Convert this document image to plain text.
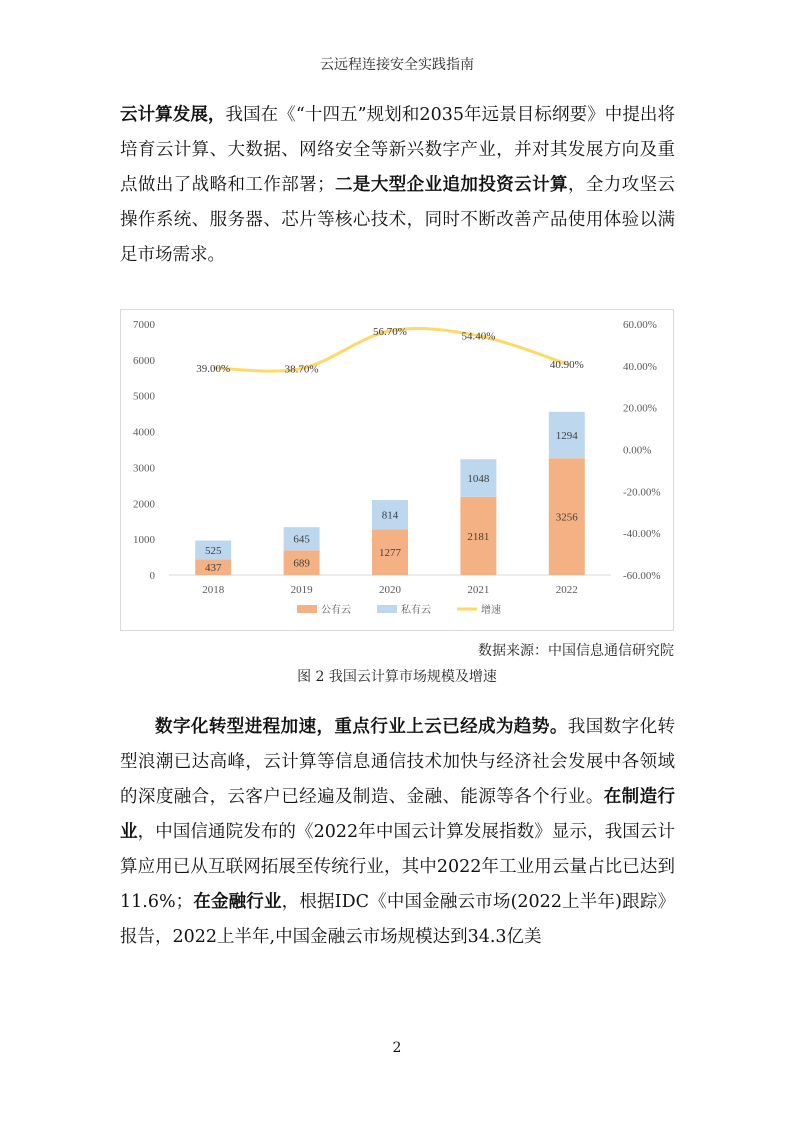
云远程连接安全实践指南

云计算发展，我国在《“十四五”规划和2035年远景目标纲要》中提出将培育云计算、大数据、网络安全等新兴数字产业，并对其发展方向及重点做出了战略和工作部署；二是大型企业追加投资云计算，全力攻坚云操作系统、服务器、芯片等核心技术，同时不断改善产品使用体验以满足市场需求。

7000
6000
5000
4000
3000
2000
1000
0
60.00%
40.00%
20.00%
0.00%
-20.00%
-40.00%
-60.00%
437
525
2018
689
645
2019
1277
814
2020
2181
1048
2021
3256
1294
2022
39.00%	38.70%
56.70%	54.40%
40.90%
公有云	私有云	增速
数据来源：中国信息通信研究院
图 2 我国云计算市场规模及增速

数字化转型进程加速，重点行业上云已经成为趋势。我国数字化转型浪潮已达高峰，云计算等信息通信技术加快与经济社会发展中各领域的深度融合，云客户已经遍及制造、金融、能源等各个行业。在制造行业，中国信通院发布的《2022年中国云计算发展指数》显示，我国云计算应用已从互联网拓展至传统行业，其中2022年工业用云量占比已达到11.6%；在金融行业，根据IDC《中国金融云市场(2022上半年)跟踪》报告，2022上半年,中国金融云市场规模达到34.3亿美

2
